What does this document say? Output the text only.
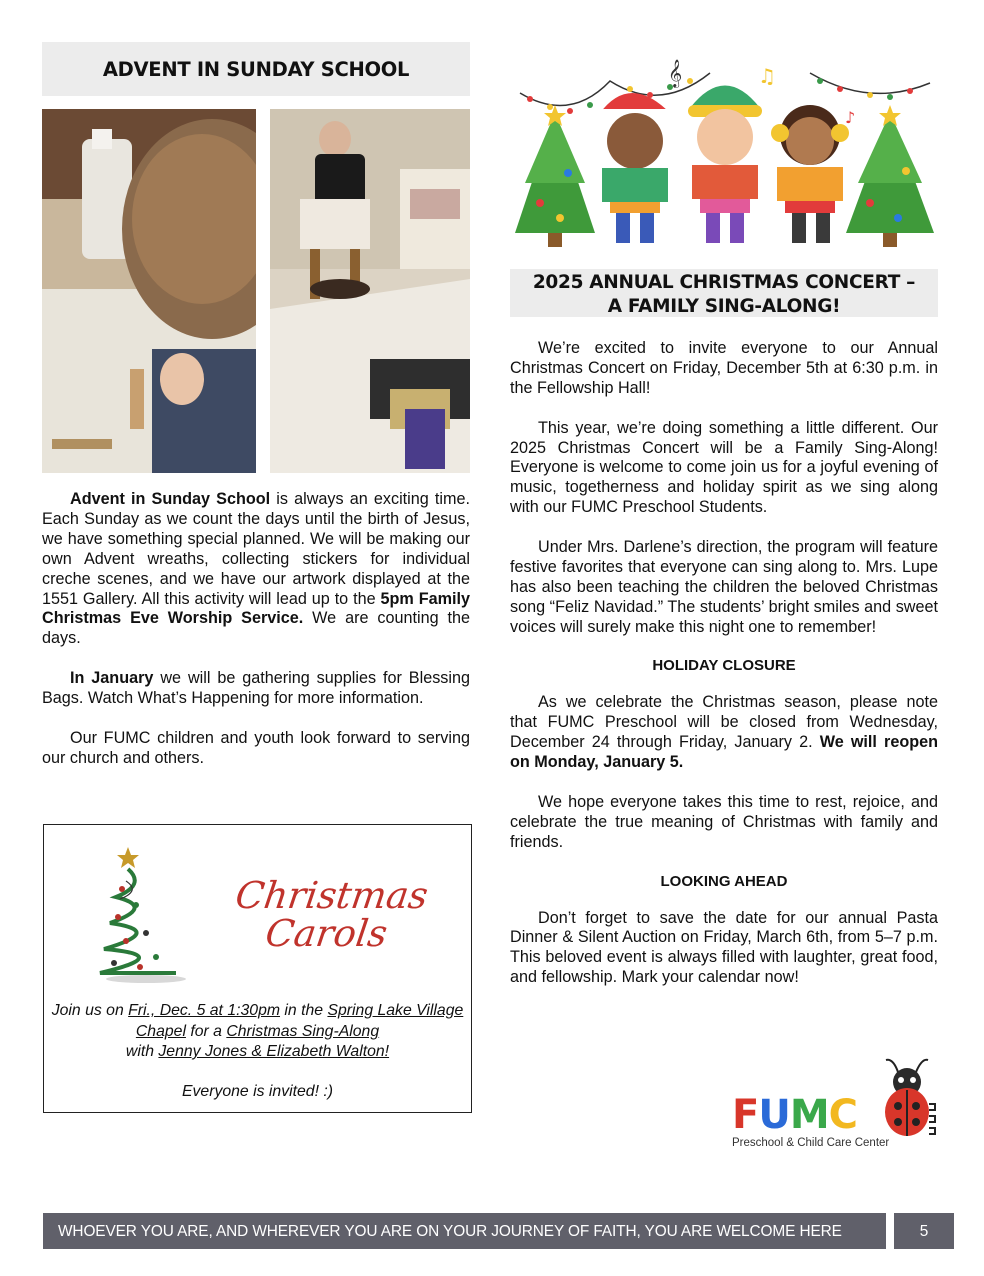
ADVENT IN SUNDAY SCHOOL

Advent in Sunday School is always an exciting time. Each Sunday as we count the days until the birth of Jesus, we have something special planned. We will be making our own Advent wreaths, collecting stickers for individual creche scenes, and we have our artwork displayed at the 1551 Gallery. All this activity will lead up to the 5pm Family Christmas Eve Worship Service. We are counting the days.

In January we will be gathering supplies for Blessing Bags. Watch What’s Happening for more information.

Our FUMC children and youth look forward to serving our church and others.

Christmas
Carols
Join us on Fri., Dec. 5 at 1:30pm in the Spring Lake Village Chapel for a Christmas Sing-Along
with Jenny Jones & Elizabeth Walton!
Everyone is invited! :)
𝄞	♫
♪
2025 ANNUAL CHRISTMAS CONCERT –
A FAMILY SING-ALONG!

We’re excited to invite everyone to our Annual Christmas Concert on Friday, December 5th at 6:30 p.m. in the Fellowship Hall!

This year, we’re doing something a little different. Our 2025 Christmas Concert will be a Family Sing-Along! Everyone is welcome to come join us for a joyful evening of music, togetherness and holiday spirit as we sing along with our FUMC Preschool Students.

Under Mrs. Darlene’s direction, the program will feature festive favorites that everyone can sing along to. Mrs. Lupe has also been teaching the children the beloved Christmas song “Feliz Navidad.” The students’ bright smiles and sweet voices will surely make this night one to remember!

HOLIDAY CLOSURE

As we celebrate the Christmas season, please note that FUMC Preschool will be closed from Wednesday, December 24 through Friday, January 2. We will reopen on Monday, January 5.

We hope everyone takes this time to rest, rejoice, and celebrate the true meaning of Christmas with family and friends.

LOOKING AHEAD

Don’t forget to save the date for our annual Pasta Dinner & Silent Auction on Friday, March 6th, from 5–7 p.m. This beloved event is always filled with laughter, great food, and fellowship. Mark your calendar now!

FUMC
Preschool & Child Care Center
WHOEVER YOU ARE, AND WHEREVER YOU ARE ON YOUR JOURNEY OF FAITH, YOU ARE WELCOME HERE	5
